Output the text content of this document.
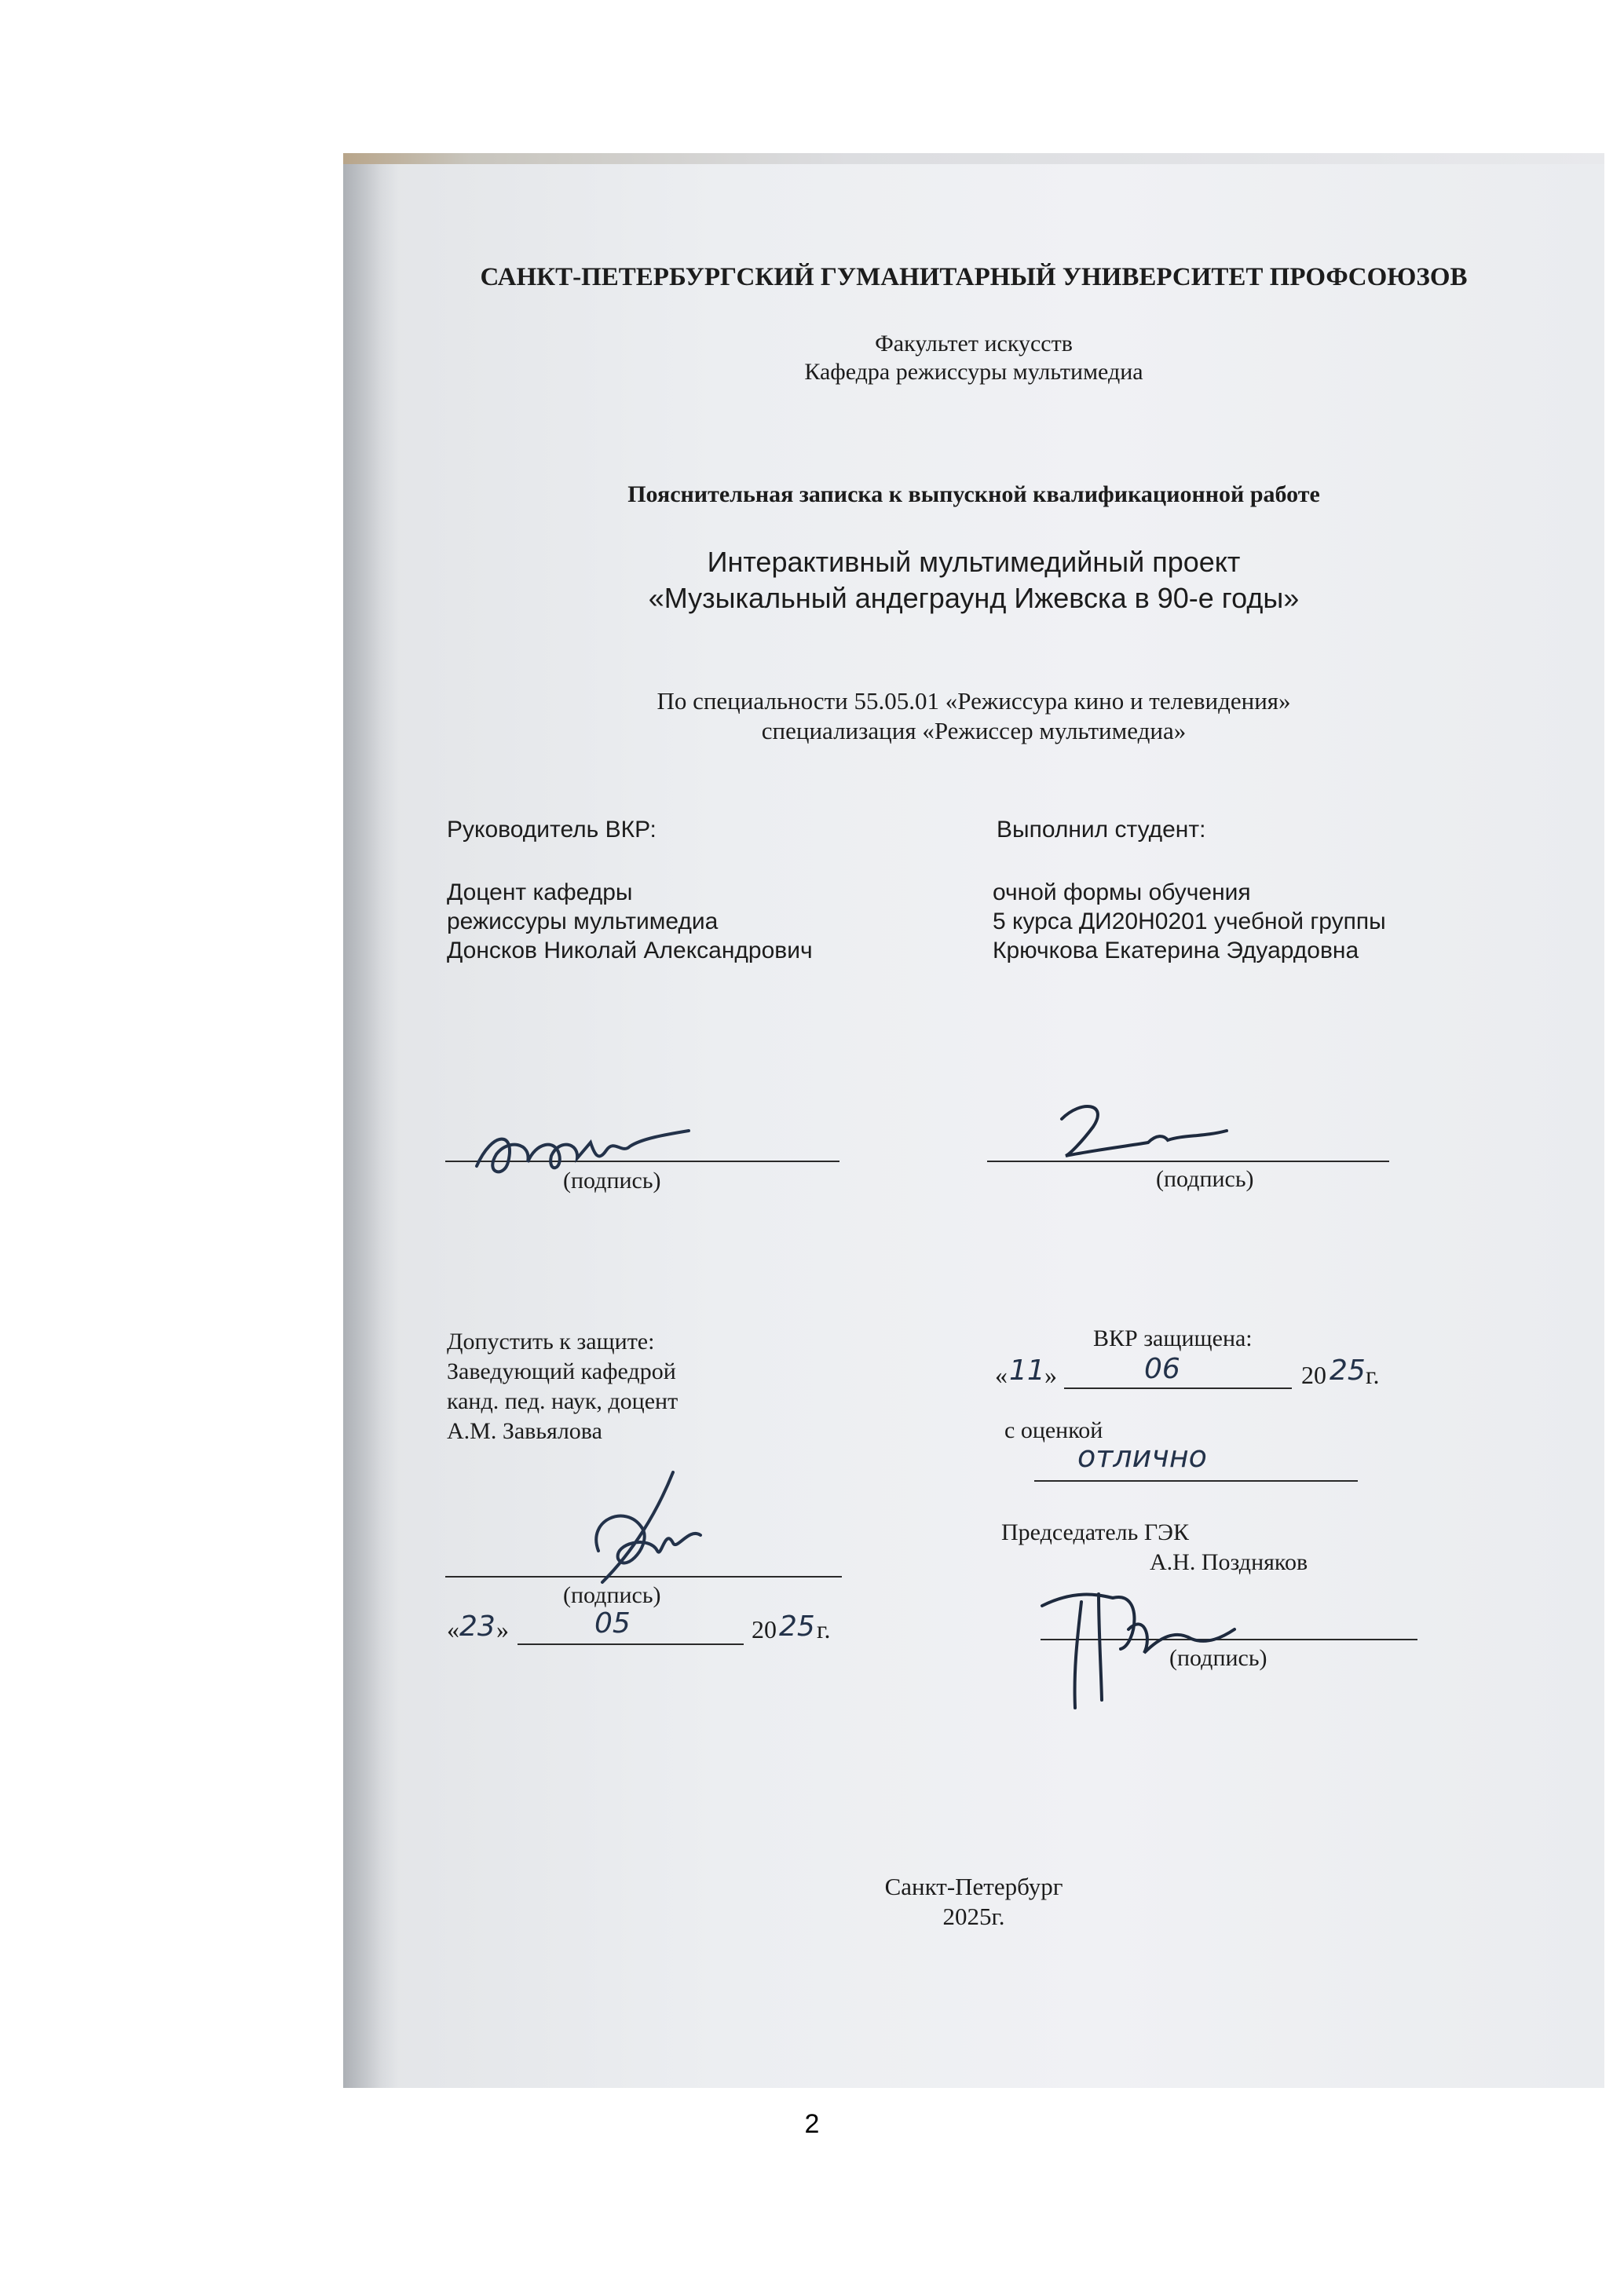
САНКТ-ПЕТЕРБУРГСКИЙ ГУМАНИТАРНЫЙ УНИВЕРСИТЕТ ПРОФСОЮЗОВ
Факультет искусств
Кафедра режиссуры мультимедиа
Пояснительная записка к выпускной квалификационной работе
Интерактивный мультимедийный проект
«Музыкальный андеграунд Ижевска в 90-е годы»
По специальности 55.05.01 «Режиссура кино и телевидения»
специализация «Режиссер мультимедиа»
Руководитель ВКР:
Доцент кафедры
режиссуры мультимедиа
Донсков Николай Александрович
Выполнил студент:
очной формы обучения
5 курса ДИ20Н0201 учебной группы
Крючкова Екатерина Эдуардовна
(подпись)	(подпись)
Допустить к защите:
Заведующий кафедрой
канд. пед. наук, доцент
А.М. Завьялова
(подпись)
« 23 »	05	20 25 г.
ВКР защищена:
« 11 »	06	20 25 г.
с оценкой
отлично
Председатель ГЭК
А.Н. Поздняков
(подпись)
Санкт-Петербург
2025г.
2
